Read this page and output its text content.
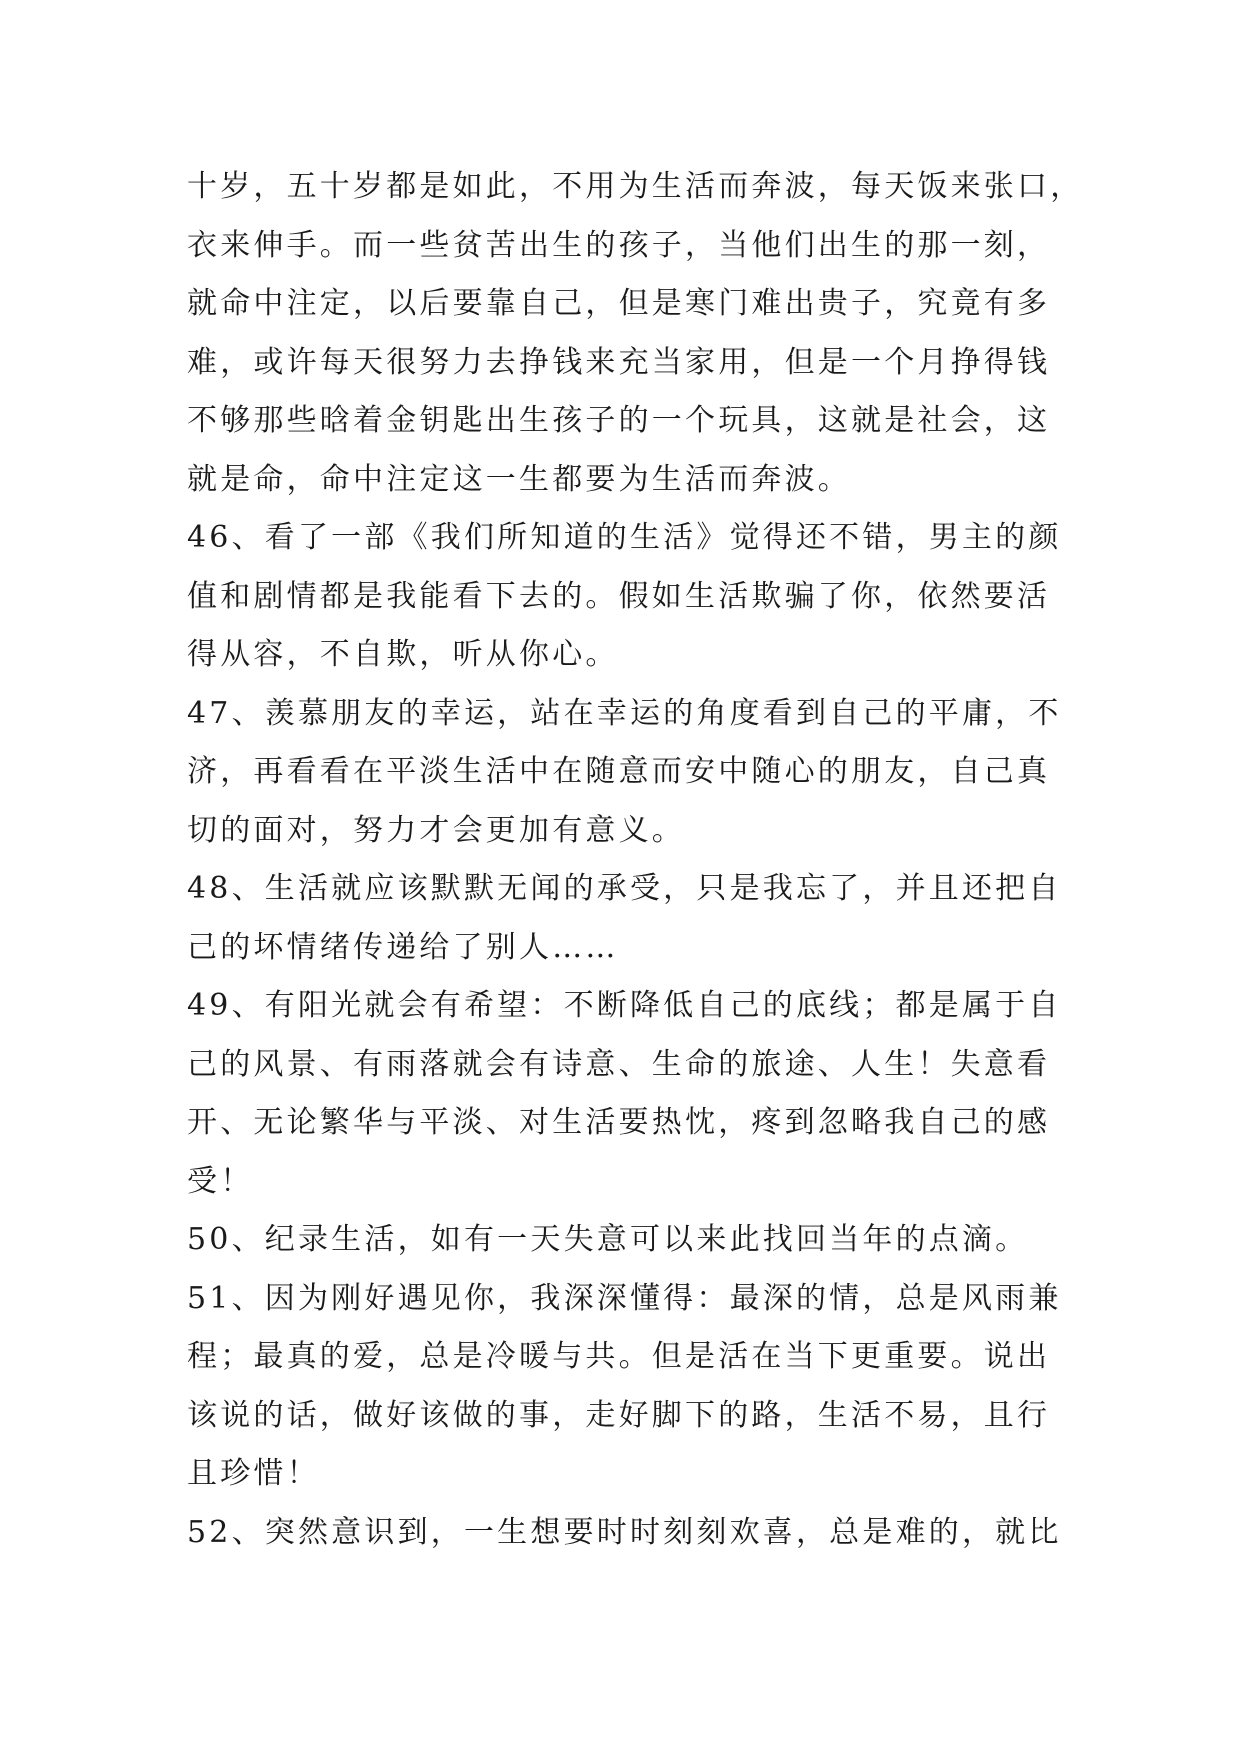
十岁，五十岁都是如此，不用为生活而奔波，每天饭来张口，
衣来伸手。而一些贫苦出生的孩子，当他们出生的那一刻，
就命中注定，以后要靠自己，但是寒门难出贵子，究竟有多
难，或许每天很努力去挣钱来充当家用，但是一个月挣得钱
不够那些晗着金钥匙出生孩子的一个玩具，这就是社会，这
就是命，命中注定这一生都要为生活而奔波。
46、看了一部《我们所知道的生活》觉得还不错，男主的颜
值和剧情都是我能看下去的。假如生活欺骗了你，依然要活
得从容，不自欺，听从你心。
47、羡慕朋友的幸运，站在幸运的角度看到自己的平庸，不
济，再看看在平淡生活中在随意而安中随心的朋友，自己真
切的面对，努力才会更加有意义。
48、生活就应该默默无闻的承受，只是我忘了，并且还把自
己的坏情绪传递给了别人……
49、有阳光就会有希望：不断降低自己的底线；都是属于自
己的风景、有雨落就会有诗意、生命的旅途、人生！失意看
开、无论繁华与平淡、对生活要热忱，疼到忽略我自己的感
受！
50、纪录生活，如有一天失意可以来此找回当年的点滴。
51、因为刚好遇见你，我深深懂得：最深的情，总是风雨兼
程；最真的爱，总是冷暖与共。但是活在当下更重要。说出
该说的话，做好该做的事，走好脚下的路，生活不易，且行
且珍惜！
52、突然意识到，一生想要时时刻刻欢喜，总是难的，就比
